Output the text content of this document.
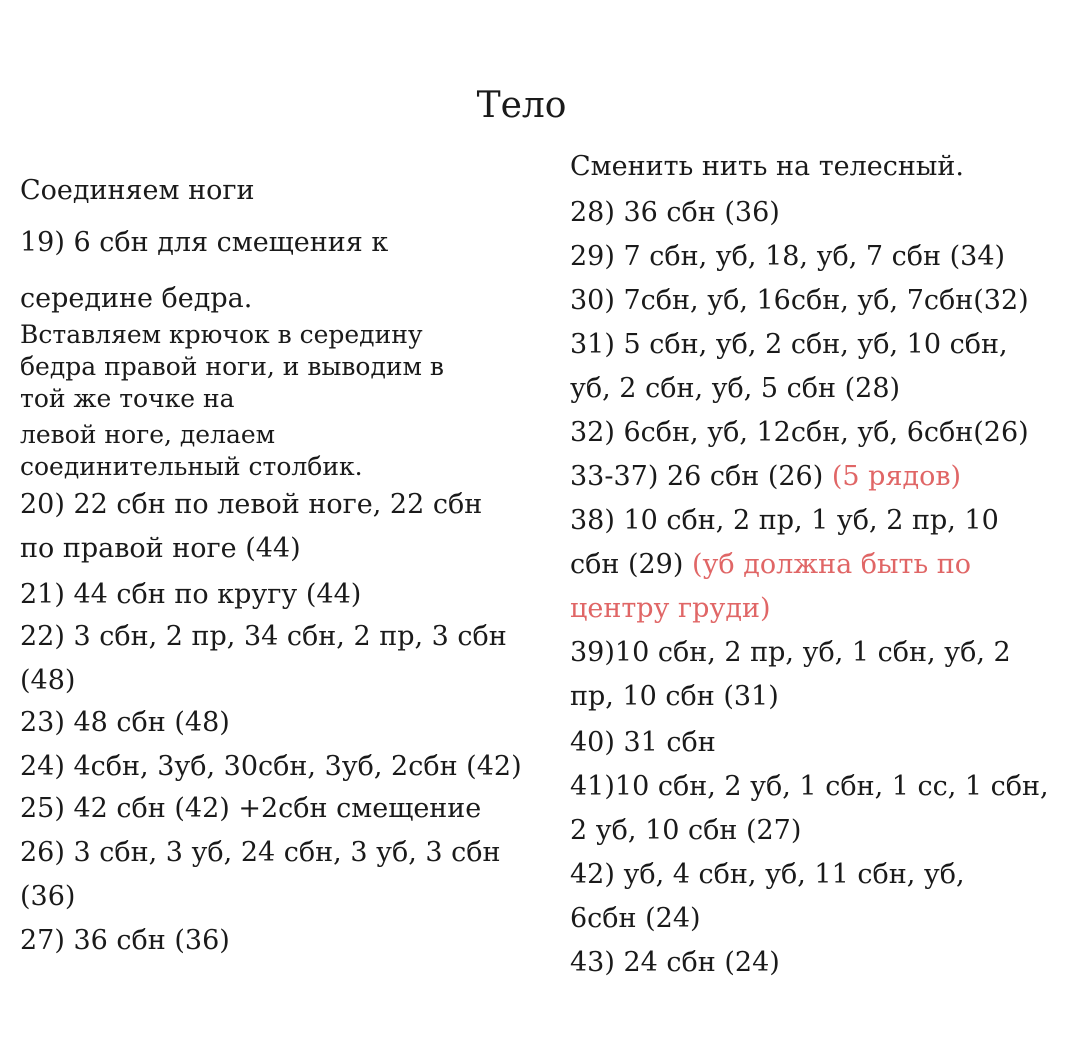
Тело
Соединяем ноги
19) 6 сбн для смещения к
середине бедра.
Вставляем крючок в середину
бедра правой ноги, и выводим в
той же точке на
левой ноге, делаем
соединительный столбик.
20) 22 сбн по левой ноге, 22 сбн
по правой ноге (44)
21) 44 сбн по кругу (44)
22) 3 сбн, 2 пр, 34 сбн, 2 пр, 3 сбн
(48)
23) 48 сбн (48)
24) 4сбн, 3уб, 30сбн, 3уб, 2сбн (42)
25) 42 сбн (42) +2сбн смещение
26) 3 сбн, 3 уб, 24 сбн, 3 уб, 3 сбн
(36)
27) 36 сбн (36)
Сменить нить на телесный.
28) 36 сбн (36)
29) 7 сбн, уб, 18, уб, 7 сбн (34)
30) 7сбн, уб, 16сбн, уб, 7сбн(32)
31) 5 сбн, уб, 2 сбн, уб, 10 сбн,
уб, 2 сбн, уб, 5 сбн (28)
32) 6сбн, уб, 12сбн, уб, 6сбн(26)
33-37) 26 сбн (26) (5 рядов)
38) 10 сбн, 2 пр, 1 уб, 2 пр, 10
сбн (29) (уб должна быть по
центру груди)
39)10 сбн, 2 пр, уб, 1 сбн, уб, 2
пр, 10 сбн (31)
40) 31 сбн
41)10 сбн, 2 уб, 1 сбн, 1 сс, 1 сбн,
2 уб, 10 сбн (27)
42) уб, 4 сбн, уб, 11 сбн, уб,
6сбн (24)
43) 24 сбн (24)
